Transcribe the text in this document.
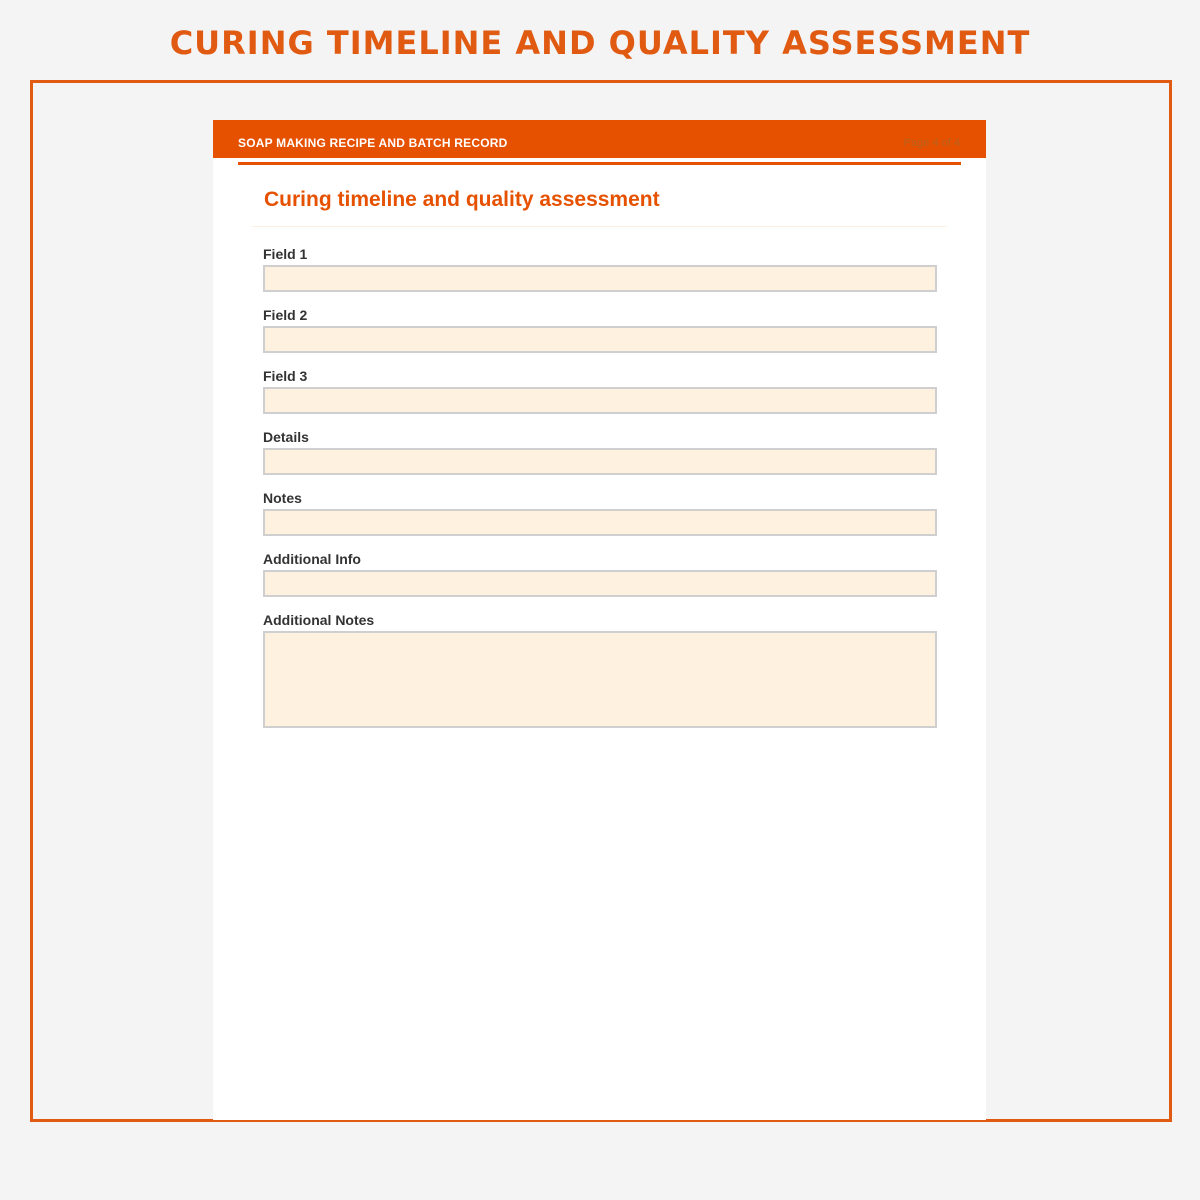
CURING TIMELINE AND QUALITY ASSESSMENT
SOAP MAKING RECIPE AND BATCH RECORD	Page 4 of 4
Curing timeline and quality assessment
Field 1
Field 2
Field 3
Details
Notes
Additional Info
Additional Notes
